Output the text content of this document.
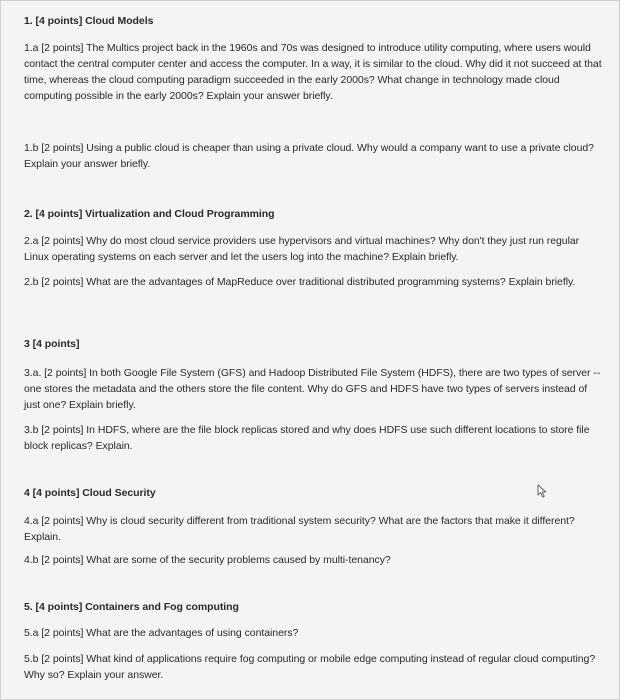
1. [4 points] Cloud Models
1.a [2 points] The Multics project back in the 1960s and 70s was designed to introduce utility computing, where users would contact the central computer center and access the computer. In a way, it is similar to the cloud. Why did it not succeed at that time, whereas the cloud computing paradigm succeeded in the early 2000s? What change in technology made cloud computing possible in the early 2000s? Explain your answer briefly.
1.b [2 points] Using a public cloud is cheaper than using a private cloud. Why would a company want to use a private cloud? Explain your answer briefly.
2. [4 points] Virtualization and Cloud Programming
2.a [2 points] Why do most cloud service providers use hypervisors and virtual machines? Why don't they just run regular Linux operating systems on each server and let the users log into the machine? Explain briefly.
2.b [2 points] What are the advantages of MapReduce over traditional distributed programming systems? Explain briefly.
3 [4 points]
3.a. [2 points] In both Google File System (GFS) and Hadoop Distributed File System (HDFS), there are two types of server -- one stores the metadata and the others store the file content. Why do GFS and HDFS have two types of servers instead of just one? Explain briefly.
3.b [2 points] In HDFS, where are the file block replicas stored and why does HDFS use such different locations to store file block replicas? Explain.
4 [4 points] Cloud Security
4.a [2 points] Why is cloud security different from traditional system security? What are the factors that make it different? Explain.
4.b [2 points] What are some of the security problems caused by multi-tenancy?
5. [4 points] Containers and Fog computing
5.a [2 points] What are the advantages of using containers?
5.b [2 points] What kind of applications require fog computing or mobile edge computing instead of regular cloud computing? Why so? Explain your answer.
